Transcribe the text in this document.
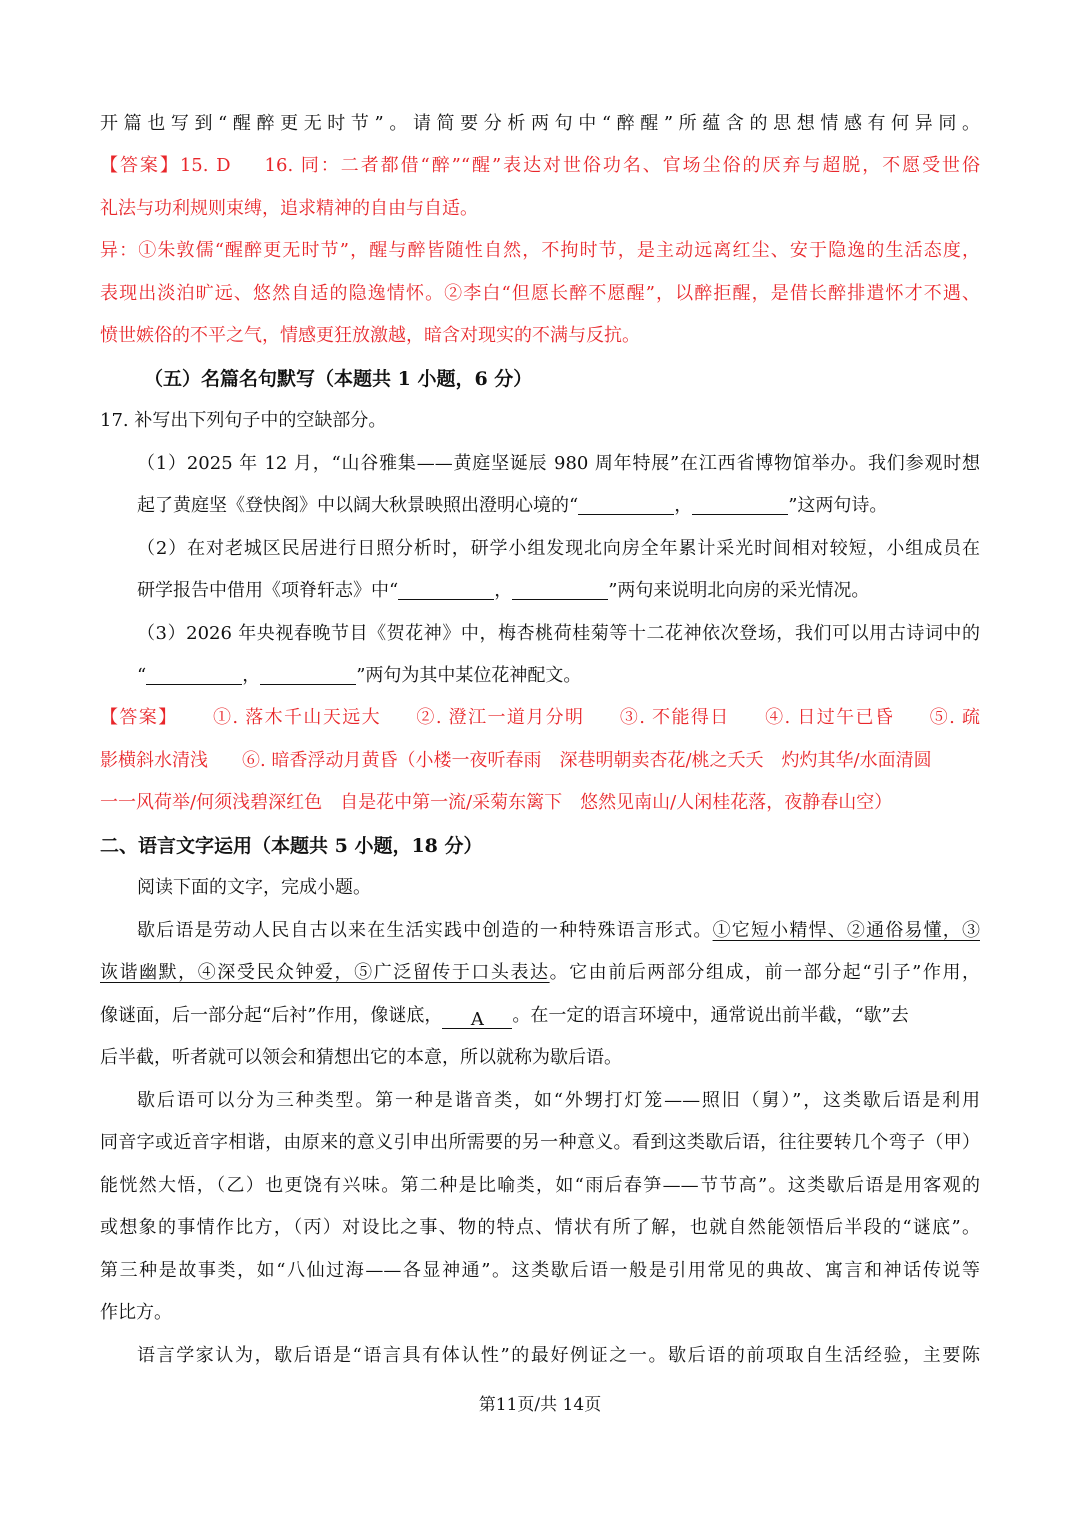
开篇也写到“醒醉更无时节”。请简要分析两句中“醉醒”所蕴含的思想情感有何异同。
【答案】15. D 16. 同：二者都借“醉”“醒”表达对世俗功名、官场尘俗的厌弃与超脱，不愿受世俗
礼法与功利规则束缚，追求精神的自由与自适。
异：①朱敦儒“醒醉更无时节”，醒与醉皆随性自然，不拘时节，是主动远离红尘、安于隐逸的生活态度，
表现出淡泊旷远、悠然自适的隐逸情怀。②李白“但愿长醉不愿醒”，以醉拒醒，是借长醉排遣怀才不遇、
愤世嫉俗的不平之气，情感更狂放激越，暗含对现实的不满与反抗。
（五）名篇名句默写（本题共 1 小题，6 分）
17. 补写出下列句子中的空缺部分。
（1）2025 年 12 月，“山谷雅集——黄庭坚诞辰 980 周年特展”在江西省博物馆举办。我们参观时想
起了黄庭坚《登快阁》中以阔大秋景映照出澄明心境的“	，	”这两句诗。
（2）在对老城区民居进行日照分析时，研学小组发现北向房全年累计采光时间相对较短，小组成员在
研学报告中借用《项脊轩志》中“	，	”两句来说明北向房的采光情况。
（3）2026 年央视春晚节目《贺花神》中，梅杏桃荷桂菊等十二花神依次登场，我们可以用古诗词中的
“	，	”两句为其中某位花神配文。
【答案】 ①. 落木千山天远大 ②. 澄江一道月分明 ③. 不能得日 ④. 日过午已昏 ⑤. 疏
影横斜水清浅 ⑥. 暗香浮动月黄昏（小楼一夜听春雨　深巷明朝卖杏花/桃之夭夭　灼灼其华/水面清圆
一一风荷举/何须浅碧深红色　自是花中第一流/采菊东篱下　悠然见南山/人闲桂花落，夜静春山空）
二、语言文字运用（本题共 5 小题，18 分）
阅读下面的文字，完成小题。
歇后语是劳动人民自古以来在生活实践中创造的一种特殊语言形式。①它短小精悍、②通俗易懂，③
诙谐幽默，④深受民众钟爱，⑤广泛留传于口头表达。它由前后两部分组成，前一部分起“引子”作用，
像谜面，后一部分起“后衬”作用，像谜底， A 。在一定的语言环境中，通常说出前半截，“歇”去
后半截，听者就可以领会和猜想出它的本意，所以就称为歇后语。
歇后语可以分为三种类型。第一种是谐音类，如“外甥打灯笼——照旧（舅）”，这类歇后语是利用
同音字或近音字相谐，由原来的意义引申出所需要的另一种意义。看到这类歇后语，往往要转几个弯子（甲）
能恍然大悟，（乙）也更饶有兴味。第二种是比喻类，如“雨后春笋——节节高”。这类歇后语是用客观的
或想象的事情作比方，（丙）对设比之事、物的特点、情状有所了解，也就自然能领悟后半段的“谜底”。
第三种是故事类，如“八仙过海——各显神通”。这类歇后语一般是引用常见的典故、寓言和神话传说等
作比方。
语言学家认为，歇后语是“语言具有体认性”的最好例证之一。歇后语的前项取自生活经验，主要陈
第11页/共 14页
